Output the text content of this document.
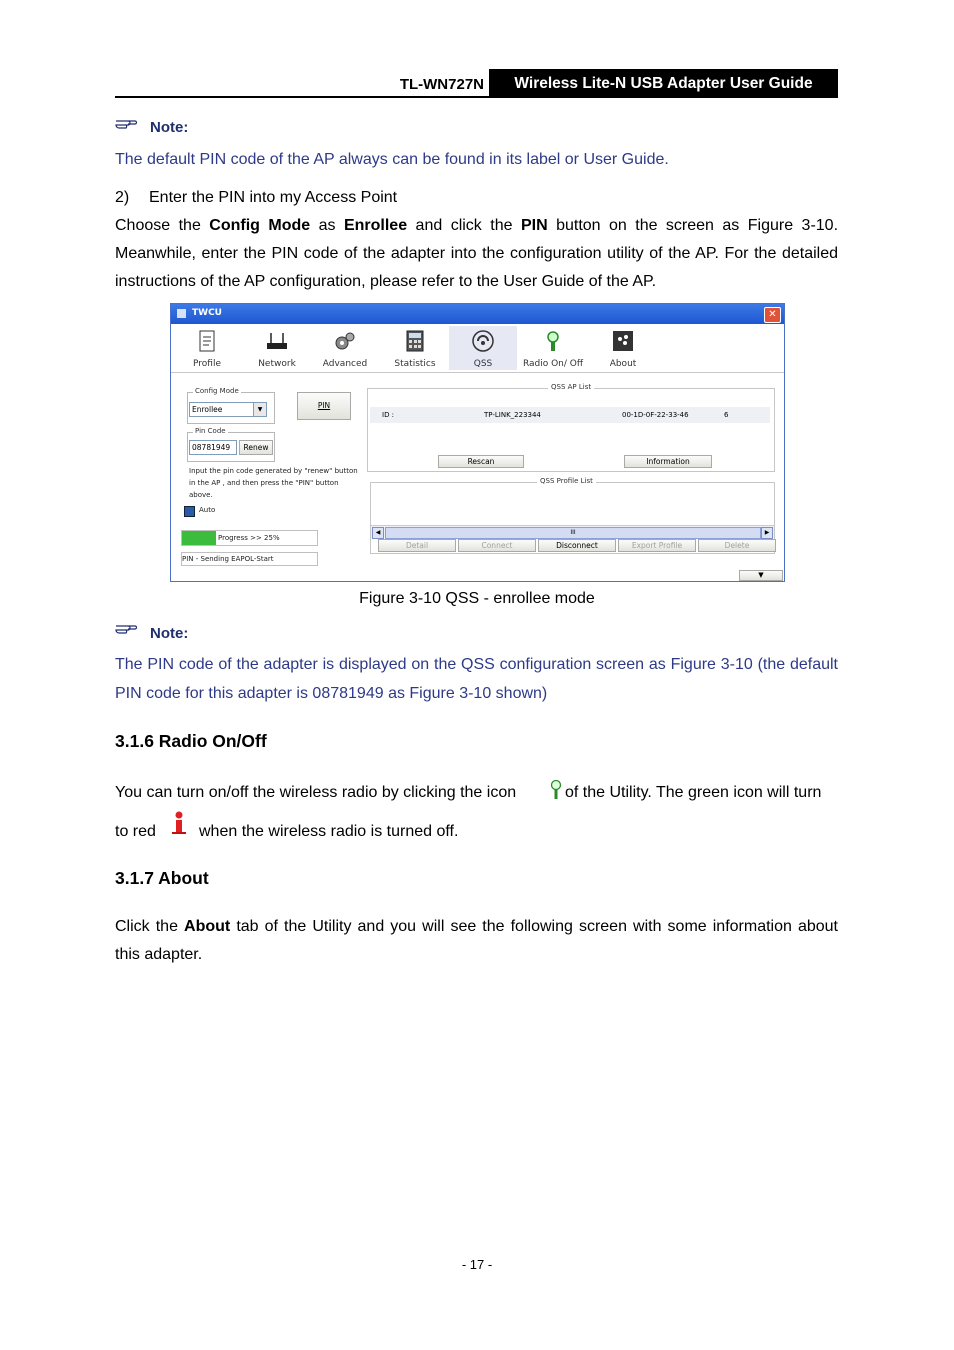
TL-WN727N	Wireless Lite-N USB Adapter User Guide
Note:
The default PIN code of the AP always can be found in its label or User Guide.
2) Enter the PIN into my Access Point
Choose the Config Mode as Enrollee and click the PIN button on the screen as Figure 3-10. Meanwhile, enter the PIN code of the adapter into the configuration utility of the AP. For the detailed instructions of the AP configuration, please refer to the User Guide of the AP.
TWCU	✕
Profile	Network	Advanced	Statistics	QSS	Radio On/ Off	About
Config Mode
Enrollee	▼	PIN
Pin Code
08781949	Renew
Input the pin code generated by "renew" button in the AP , and then press the "PIN" button above.
Auto
Progress >> 25%
PIN - Sending EAPOL-Start
QSS AP List
ID :	TP-LINK_223344	00-1D-0F-22-33-46	6
Rescan	Information
QSS Profile List
◀	III	▶
Detail	Connect	Disconnect	Export Profile	Delete
▼
Figure 3-10 QSS - enrollee mode
Note:
The PIN code of the adapter is displayed on the QSS configuration screen as Figure 3-10 (the default PIN code for this adapter is 08781949 as Figure 3-10 shown)
3.1.6 Radio On/Off
You can turn on/off the wireless radio by clicking the icon	of the Utility. The green icon will turn
to red	when the wireless radio is turned off.
3.1.7 About
Click the About tab of the Utility and you will see the following screen with some information about this adapter.
- 17 -
